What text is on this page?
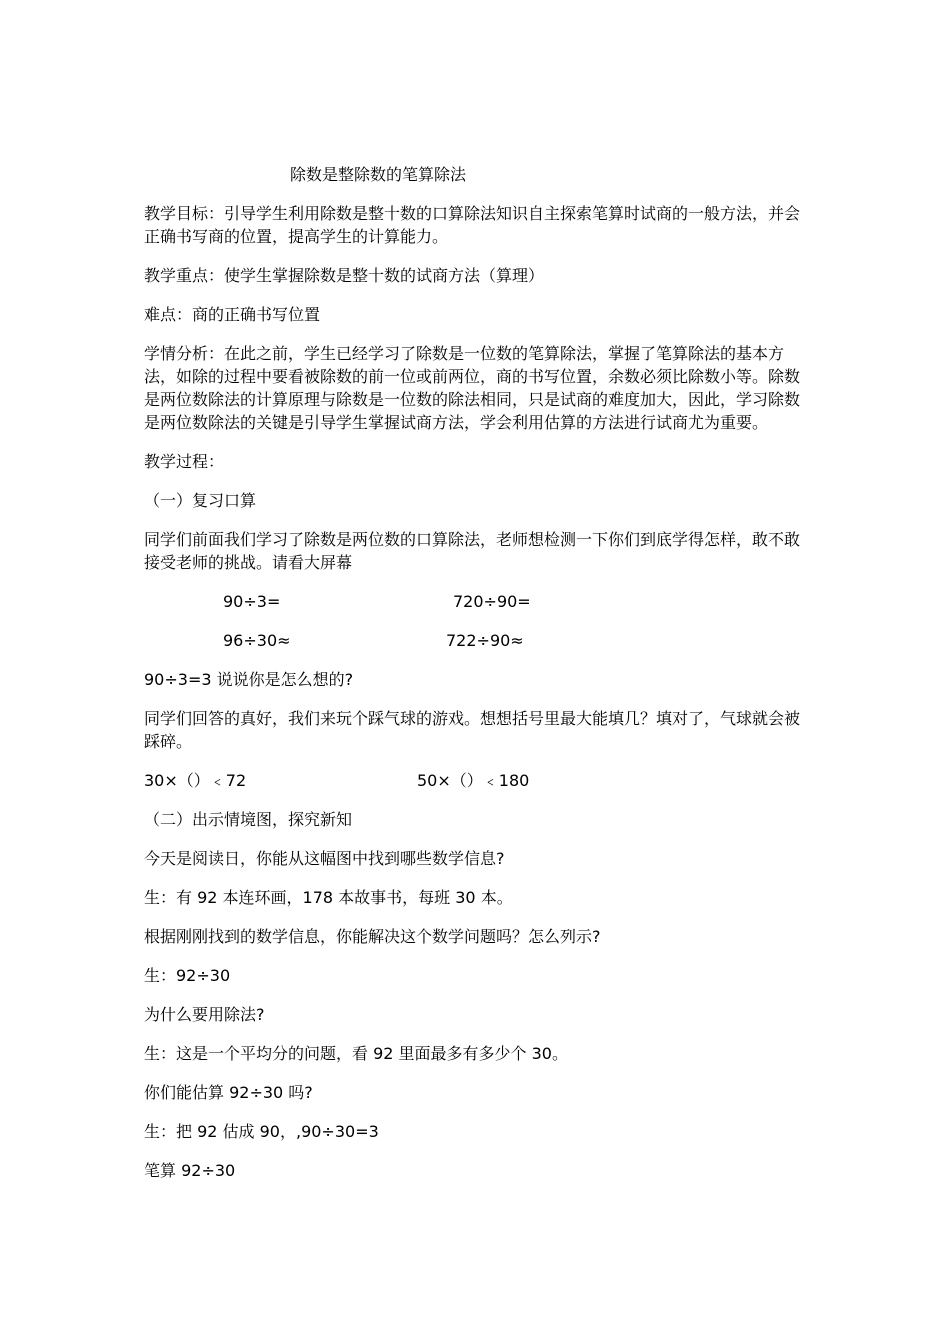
除数是整除数的笔算除法

教学目标：引导学生利用除数是整十数的口算除法知识自主探索笔算时试商的一般方法，并会正确书写商的位置，提高学生的计算能力。

教学重点：使学生掌握除数是整十数的试商方法（算理）

难点：商的正确书写位置

学情分析：在此之前，学生已经学习了除数是一位数的笔算除法，掌握了笔算除法的基本方法，如除的过程中要看被除数的前一位或前两位，商的书写位置，余数必须比除数小等。除数是两位数除法的计算原理与除数是一位数的除法相同，只是试商的难度加大，因此，学习除数是两位数除法的关键是引导学生掌握试商方法，学会利用估算的方法进行试商尤为重要。

教学过程：

（一）复习口算

同学们前面我们学习了除数是两位数的口算除法，老师想检测一下你们到底学得怎样，敢不敢接受老师的挑战。请看大屏幕

90÷3=	720÷90=
96÷30≈	722÷90≈

90÷3=3 说说你是怎么想的?

同学们回答的真好，我们来玩个踩气球的游戏。想想括号里最大能填几？填对了，气球就会被踩碎。

30×（）﹤72	50×（）﹤180

（二）出示情境图，探究新知

今天是阅读日，你能从这幅图中找到哪些数学信息?

生：有 92 本连环画，178 本故事书，每班 30 本。

根据刚刚找到的数学信息，你能解决这个数学问题吗？怎么列示?

生：92÷30

为什么要用除法?

生：这是一个平均分的问题，看 92 里面最多有多少个 30。

你们能估算 92÷30 吗?

生：把 92 估成 90，,90÷30=3

笔算 92÷30
